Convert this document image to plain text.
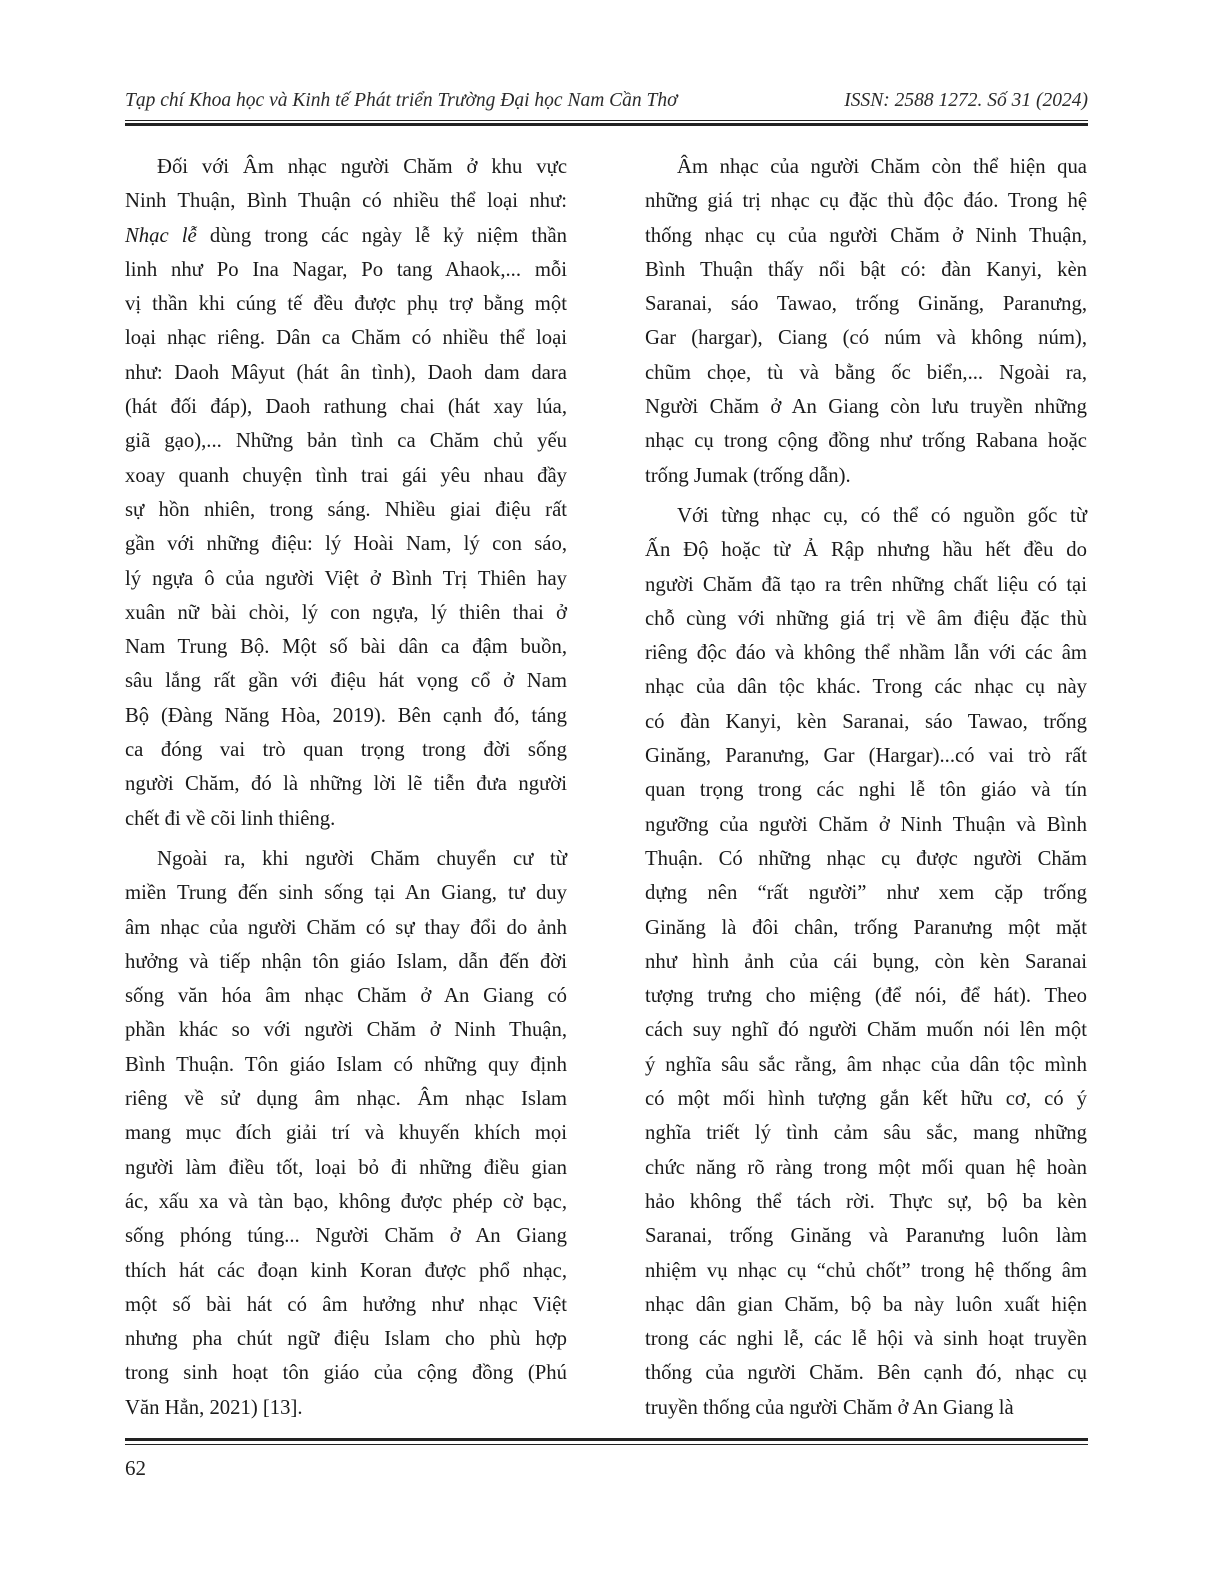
Tạp chí Khoa học và Kinh tế Phát triển Trường Đại học Nam Cần Thơ	ISSN: 2588 1272. Số 31 (2024)

Đối với Âm nhạc người Chăm ở khu vực
Ninh Thuận, Bình Thuận có nhiều thể loại như:
Nhạc lễ dùng trong các ngày lễ kỷ niệm thần
linh như Po Ina Nagar, Po tang Ahaok,... mỗi
vị thần khi cúng tế đều được phụ trợ bằng một
loại nhạc riêng. Dân ca Chăm có nhiều thể loại
như: Daoh Mâyut (hát ân tình), Daoh dam dara
(hát đối đáp), Daoh rathung chai (hát xay lúa,
giã gạo),... Những bản tình ca Chăm chủ yếu
xoay quanh chuyện tình trai gái yêu nhau đầy
sự hồn nhiên, trong sáng. Nhiều giai điệu rất
gần với những điệu: lý Hoài Nam, lý con sáo,
lý ngựa ô của người Việt ở Bình Trị Thiên hay
xuân nữ bài chòi, lý con ngựa, lý thiên thai ở
Nam Trung Bộ. Một số bài dân ca đậm buồn,
sâu lắng rất gần với điệu hát vọng cổ ở Nam
Bộ (Đàng Năng Hòa, 2019). Bên cạnh đó, táng
ca đóng vai trò quan trọng trong đời sống
người Chăm, đó là những lời lẽ tiễn đưa người
chết đi về cõi linh thiêng.

Ngoài ra, khi người Chăm chuyển cư từ
miền Trung đến sinh sống tại An Giang, tư duy
âm nhạc của người Chăm có sự thay đổi do ảnh
hưởng và tiếp nhận tôn giáo Islam, dẫn đến đời
sống văn hóa âm nhạc Chăm ở An Giang có
phần khác so với người Chăm ở Ninh Thuận,
Bình Thuận. Tôn giáo Islam có những quy định
riêng về sử dụng âm nhạc. Âm nhạc Islam
mang mục đích giải trí và khuyến khích mọi
người làm điều tốt, loại bỏ đi những điều gian
ác, xấu xa và tàn bạo, không được phép cờ bạc,
sống phóng túng... Người Chăm ở An Giang
thích hát các đoạn kinh Koran được phổ nhạc,
một số bài hát có âm hưởng như nhạc Việt
nhưng pha chút ngữ điệu Islam cho phù hợp
trong sinh hoạt tôn giáo của cộng đồng (Phú
Văn Hẳn, 2021) [13].

Âm nhạc của người Chăm còn thể hiện qua
những giá trị nhạc cụ đặc thù độc đáo. Trong hệ
thống nhạc cụ của người Chăm ở Ninh Thuận,
Bình Thuận thấy nổi bật có: đàn Kanyi, kèn
Saranai, sáo Tawao, trống Ginăng, Paranưng,
Gar (hargar), Ciang (có núm và không núm),
chũm chọe, tù và bằng ốc biển,... Ngoài ra,
Người Chăm ở An Giang còn lưu truyền những
nhạc cụ trong cộng đồng như trống Rabana hoặc
trống Jumak (trống dẫn).

Với từng nhạc cụ, có thể có nguồn gốc từ
Ấn Độ hoặc từ Ả Rập nhưng hầu hết đều do
người Chăm đã tạo ra trên những chất liệu có tại
chỗ cùng với những giá trị về âm điệu đặc thù
riêng độc đáo và không thể nhầm lẫn với các âm
nhạc của dân tộc khác. Trong các nhạc cụ này
có đàn Kanyi, kèn Saranai, sáo Tawao, trống
Ginăng, Paranưng, Gar (Hargar)...có vai trò rất
quan trọng trong các nghi lễ tôn giáo và tín
ngưỡng của người Chăm ở Ninh Thuận và Bình
Thuận. Có những nhạc cụ được người Chăm
dựng nên “rất người” như xem cặp trống
Ginăng là đôi chân, trống Paranưng một mặt
như hình ảnh của cái bụng, còn kèn Saranai
tượng trưng cho miệng (để nói, để hát). Theo
cách suy nghĩ đó người Chăm muốn nói lên một
ý nghĩa sâu sắc rằng, âm nhạc của dân tộc mình
có một mối hình tượng gắn kết hữu cơ, có ý
nghĩa triết lý tình cảm sâu sắc, mang những
chức năng rõ ràng trong một mối quan hệ hoàn
hảo không thể tách rời. Thực sự, bộ ba kèn
Saranai, trống Ginăng và Paranưng luôn làm
nhiệm vụ nhạc cụ “chủ chốt” trong hệ thống âm
nhạc dân gian Chăm, bộ ba này luôn xuất hiện
trong các nghi lễ, các lễ hội và sinh hoạt truyền
thống của người Chăm. Bên cạnh đó, nhạc cụ
truyền thống của người Chăm ở An Giang là

62
